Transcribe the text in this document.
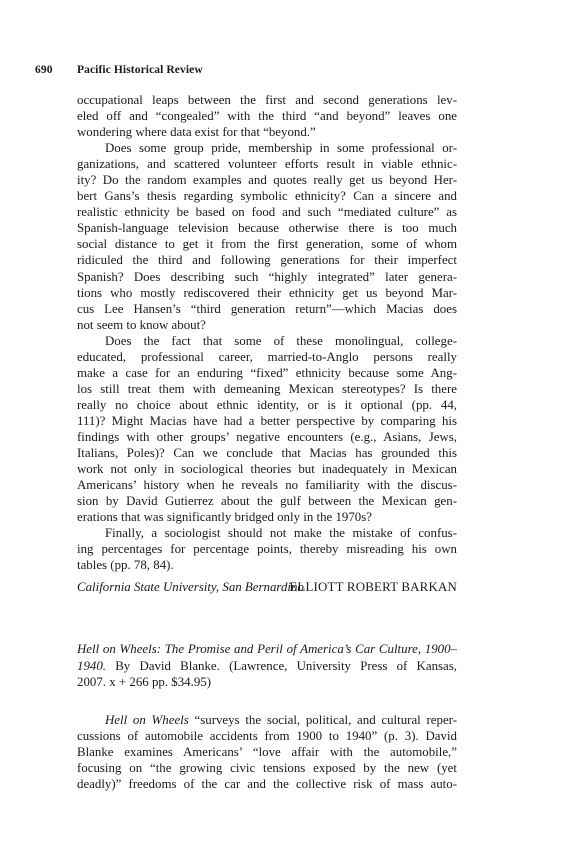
690 Pacific Historical Review
occupational leaps between the first and second generations lev-
eled off and “congealed” with the third “and beyond” leaves one
wondering where data exist for that “beyond.”
Does some group pride, membership in some professional or-
ganizations, and scattered volunteer efforts result in viable ethnic-
ity? Do the random examples and quotes really get us beyond Her-
bert Gans’s thesis regarding symbolic ethnicity? Can a sincere and
realistic ethnicity be based on food and such “mediated culture” as
Spanish-language television because otherwise there is too much
social distance to get it from the first generation, some of whom
ridiculed the third and following generations for their imperfect
Spanish? Does describing such “highly integrated” later genera-
tions who mostly rediscovered their ethnicity get us beyond Mar-
cus Lee Hansen’s “third generation return”—which Macias does
not seem to know about?
Does the fact that some of these monolingual, college-
educated, professional career, married-to-Anglo persons really
make a case for an enduring “fixed” ethnicity because some Ang-
los still treat them with demeaning Mexican stereotypes? Is there
really no choice about ethnic identity, or is it optional (pp. 44,
111)? Might Macias have had a better perspective by comparing his
findings with other groups’ negative encounters (e.g., Asians, Jews,
Italians, Poles)? Can we conclude that Macias has grounded this
work not only in sociological theories but inadequately in Mexican
Americans’ history when he reveals no familiarity with the discus-
sion by David Gutierrez about the gulf between the Mexican gen-
erations that was significantly bridged only in the 1970s?
Finally, a sociologist should not make the mistake of confus-
ing percentages for percentage points, thereby misreading his own
tables (pp. 78, 84).
California State University, San Bernardino
ELLIOTT ROBERT BARKAN
Hell on Wheels: The Promise and Peril of America’s Car Culture, 1900–
1940. By David Blanke. (Lawrence, University Press of Kansas,
2007. x + 266 pp. $34.95)
Hell on Wheels “surveys the social, political, and cultural reper-
cussions of automobile accidents from 1900 to 1940” (p. 3). David
Blanke examines Americans’ “love affair with the automobile,”
focusing on “the growing civic tensions exposed by the new (yet
deadly)” freedoms of the car and the collective risk of mass auto-
